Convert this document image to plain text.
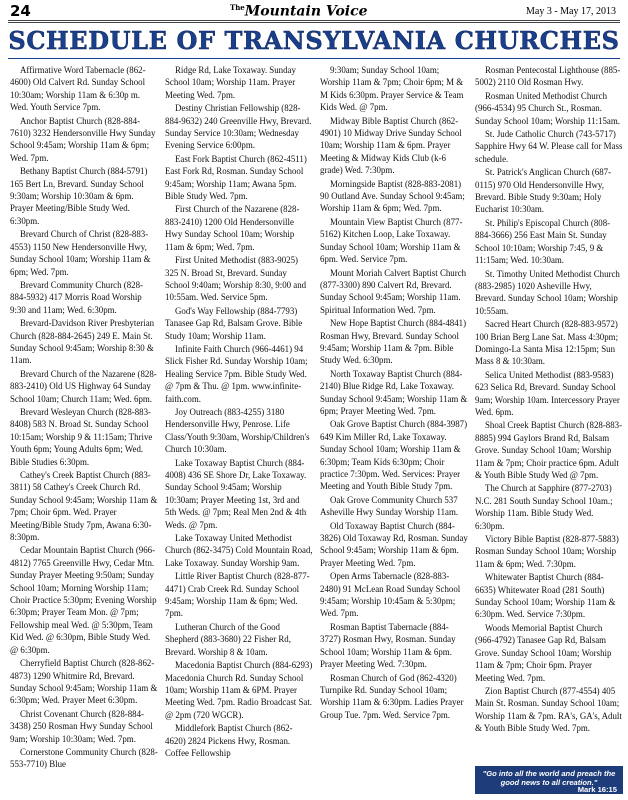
24	$^{The}$Mountain Voice	May 3 - May 17, 2013
SCHEDULE OF TRANSYLVANIA CHURCHES

Affirmative Word Tabernacle (862-4600) Old Calvert Rd. Sunday School 10:30am; Worship 11am & 6:30p m. Wed. Youth Service 7pm.

Anchor Baptist Church (828-884-7610) 3232 Hendersonville Hwy Sunday School 9:45am; Worship 11am & 6pm; Wed. 7pm.

Bethany Baptist Church (884-5791) 165 Bert Ln, Brevard. Sunday School 9:30am; Worship 10:30am & 6pm. Prayer Meeting/Bible Study Wed. 6:30pm.

Brevard Church of Christ (828-883-4553) 1150 New Hendersonville Hwy, Sunday School 10am; Worship 11am & 6pm; Wed. 7pm.

Brevard Community Church (828-884-5932) 417 Morris Road Worship 9:30 and 11am; Wed. 6:30pm.

Brevard-Davidson River Presbyterian Church (828-884-2645) 249 E. Main St. Sunday School 9:45am; Worship 8:30 & 11am.

Brevard Church of the Nazarene (828-883-2410) Old US Highway 64 Sunday School 10am; Church 11am; Wed. 6pm.

Brevard Wesleyan Church (828-883-8408) 583 N. Broad St. Sunday School 10:15am; Worship 9 & 11:15am; Thrive Youth 6pm; Young Adults 6pm; Wed. Bible Studies 6:30pm.

Cathey's Creek Baptist Church (883-3811) 58 Cathey's Creek Church Rd. Sunday School 9:45am; Worship 11am & 7pm; Choir 6pm. Wed. Prayer Meeting/Bible Study 7pm, Awana 6:30-8:30pm.

Cedar Mountain Baptist Church (966-4812) 7765 Greenville Hwy, Cedar Mtn. Sunday Prayer Meeting 9:50am; Sunday School 10am; Morning Worship 11am; Choir Practice 5:30pm; Evening Worship 6:30pm; Prayer Team Mon. @ 7pm; Fellowship meal Wed. @ 5:30pm, Team Kid Wed. @ 6:30pm, Bible Study Wed. @ 6:30pm.

Cherryfield Baptist Church (828-862-4873) 1290 Whitmire Rd, Brevard. Sunday School 9:45am; Worship 11am & 6:30pm; Wed. Prayer Meet 6:30pm.

Christ Covenant Church (828-884-3438) 250 Rosman Hwy Sunday School 9am; Worship 10:30am; Wed. 7pm.

Cornerstone Community Church (828-553-7710) Blue

Ridge Rd, Lake Toxaway. Sunday School 10am; Worship 11am. Prayer Meeting Wed. 7pm.

Destiny Christian Fellowship (828-884-9632) 240 Greenville Hwy, Brevard. Sunday Service 10:30am; Wednesday Evening Service 6:00pm.

East Fork Baptist Church (862-4511) East Fork Rd, Rosman. Sunday School 9:45am; Worship 11am; Awana 5pm. Bible Study Wed. 7pm.

First Church of the Nazarene (828-883-2410) 1200 Old Hendersonville Hwy Sunday School 10am; Worship 11am & 6pm; Wed. 7pm.

First United Methodist (883-9025) 325 N. Broad St, Brevard. Sunday School 9:40am; Worship 8:30, 9:00 and 10:55am. Wed. Service 5pm.

God's Way Fellowship (884-7793) Tanasee Gap Rd, Balsam Grove. Bible Study 10am; Worship 11am.

Infinite Faith Church (966-4461) 94 Slick Fisher Rd. Sunday Worship 10am; Healing Service 7pm. Bible Study Wed. @ 7pm & Thu. @ 1pm. www.infinite-faith.com.

Joy Outreach (883-4255) 3180 Hendersonville Hwy, Penrose. Life Class/Youth 9:30am, Worship/Children's Church 10:30am.

Lake Toxaway Baptist Church (884-4008) 436 SE Shore Dr, Lake Toxaway. Sunday School 9:45am; Worship 10:30am; Prayer Meeting 1st, 3rd and 5th Weds. @ 7pm; Real Men 2nd & 4th Weds. @ 7pm.

Lake Toxaway United Methodist Church (862-3475) Cold Mountain Road, Lake Toxaway. Sunday Worship 9am.

Little River Baptist Church (828-877-4471) Crab Creek Rd. Sunday School 9:45am; Worship 11am & 6pm; Wed. 7pm.

Lutheran Church of the Good Shepherd (883-3680) 22 Fisher Rd, Brevard. Worship 8 & 10am.

Macedonia Baptist Church (884-6293) Macedonia Church Rd. Sunday School 10am; Worship 11am & 6PM. Prayer Meeting Wed. 7pm. Radio Broadcast Sat. @ 2pm (720 WGCR).

Middlefork Baptist Church (862-4620) 2824 Pickens Hwy, Rosman. Coffee Fellowship

9:30am; Sunday School 10am; Worship 11am & 7pm; Choir 6pm; M & M Kids 6:30pm. Prayer Service & Team Kids Wed. @ 7pm.

Midway Bible Baptist Church (862-4901) 10 Midway Drive Sunday School 10am; Worship 11am & 6pm. Prayer Meeting & Midway Kids Club (k-6 grade) Wed. 7:30pm.

Morningside Baptist (828-883-2081) 90 Outland Ave. Sunday School 9:45am; Worship 11am & 6pm; Wed. 7pm.

Mountain View Baptist Church (877-5162) Kitchen Loop, Lake Toxaway. Sunday School 10am; Worship 11am & 6pm. Wed. Service 7pm.

Mount Moriah Calvert Baptist Church (877-3300) 890 Calvert Rd, Brevard. Sunday School 9:45am; Worship 11am. Spiritual Information Wed. 7pm.

New Hope Baptist Church (884-4841) Rosman Hwy, Brevard. Sunday School 9:45am; Worship 11am & 7pm. Bible Study Wed. 6:30pm.

North Toxaway Baptist Church (884-2140) Blue Ridge Rd, Lake Toxaway. Sunday School 9:45am; Worship 11am & 6pm; Prayer Meeting Wed. 7pm.

Oak Grove Baptist Church (884-3987) 649 Kim Miller Rd, Lake Toxaway. Sunday School 10am; Worship 11am & 6:30pm; Team Kids 6:30pm; Choir practice 7:30pm. Wed. Services: Prayer Meeting and Youth Bible Study 7pm.

Oak Grove Community Church 537 Asheville Hwy Sunday Worship 11am.

Old Toxaway Baptist Church (884-3826) Old Toxaway Rd, Rosman. Sunday School 9:45am; Worship 11am & 6pm. Prayer Meeting Wed. 7pm.

Open Arms Tabernacle (828-883-2480) 91 McLean Road Sunday School 9:45am; Worship 10:45am & 5:30pm; Wed. 7pm.

Rosman Baptist Tabernacle (884-3727) Rosman Hwy, Rosman. Sunday School 10am; Worship 11am & 6pm. Prayer Meeting Wed. 7:30pm.

Rosman Church of God (862-4320) Turnpike Rd. Sunday School 10am; Worship 11am & 6:30pm. Ladies Prayer Group Tue. 7pm. Wed. Service 7pm.

Rosman Pentecostal Lighthouse (885-5002) 2110 Old Rosman Hwy.

Rosman United Methodist Church (966-4534) 95 Church St., Rosman. Sunday School 10am; Worship 11:15am.

St. Jude Catholic Church (743-5717) Sapphire Hwy 64 W. Please call for Mass schedule.

St. Patrick's Anglican Church (687-0115) 970 Old Hendersonville Hwy, Brevard. Bible Study 9:30am; Holy Eucharist 10:30am.

St. Philip's Episcopal Church (808-884-3666) 256 East Main St. Sunday School 10:10am; Worship 7:45, 9 & 11:15am; Wed. 10:30am.

St. Timothy United Methodist Church (883-2985) 1020 Asheville Hwy, Brevard. Sunday School 10am; Worship 10:55am.

Sacred Heart Church (828-883-9572) 100 Brian Berg Lane Sat. Mass 4:30pm; Domingo-La Santa Misa 12:15pm; Sun Mass 8 & 10:30am.

Selica United Methodist (883-9583) 623 Selica Rd, Brevard. Sunday School 9am; Worship 10am. Intercessory Prayer Wed. 6pm.

Shoal Creek Baptist Church (828-883-8885) 994 Gaylors Brand Rd, Balsam Grove. Sunday School 10am; Worship 11am & 7pm; Choir practice 6pm. Adult & Youth Bible Study Wed @ 7pm.

The Church at Sapphire (877-2703) N.C. 281 South Sunday School 10am.; Worship 11am. Bible Study Wed. 6:30pm.

Victory Bible Baptist (828-877-5883) Rosman Sunday School 10am; Worship 11am & 6pm; Wed. 7:30pm.

Whitewater Baptist Church (884-6635) Whitewater Road (281 South) Sunday School 10am; Worship 11am & 6:30pm. Wed. Service 7:30pm.

Woods Memorial Baptist Church (966-4792) Tanasee Gap Rd, Balsam Grove. Sunday School 10am; Worship 11am & 7pm; Choir 6pm. Prayer Meeting Wed. 7pm.

Zion Baptist Church (877-4554) 405 Main St. Rosman. Sunday School 10am; Worship 11am & 7pm. RA's, GA's, Adult & Youth Bible Study Wed. 7pm.

"Go into all the world and preach the good news to all creation."
Mark 16:15
